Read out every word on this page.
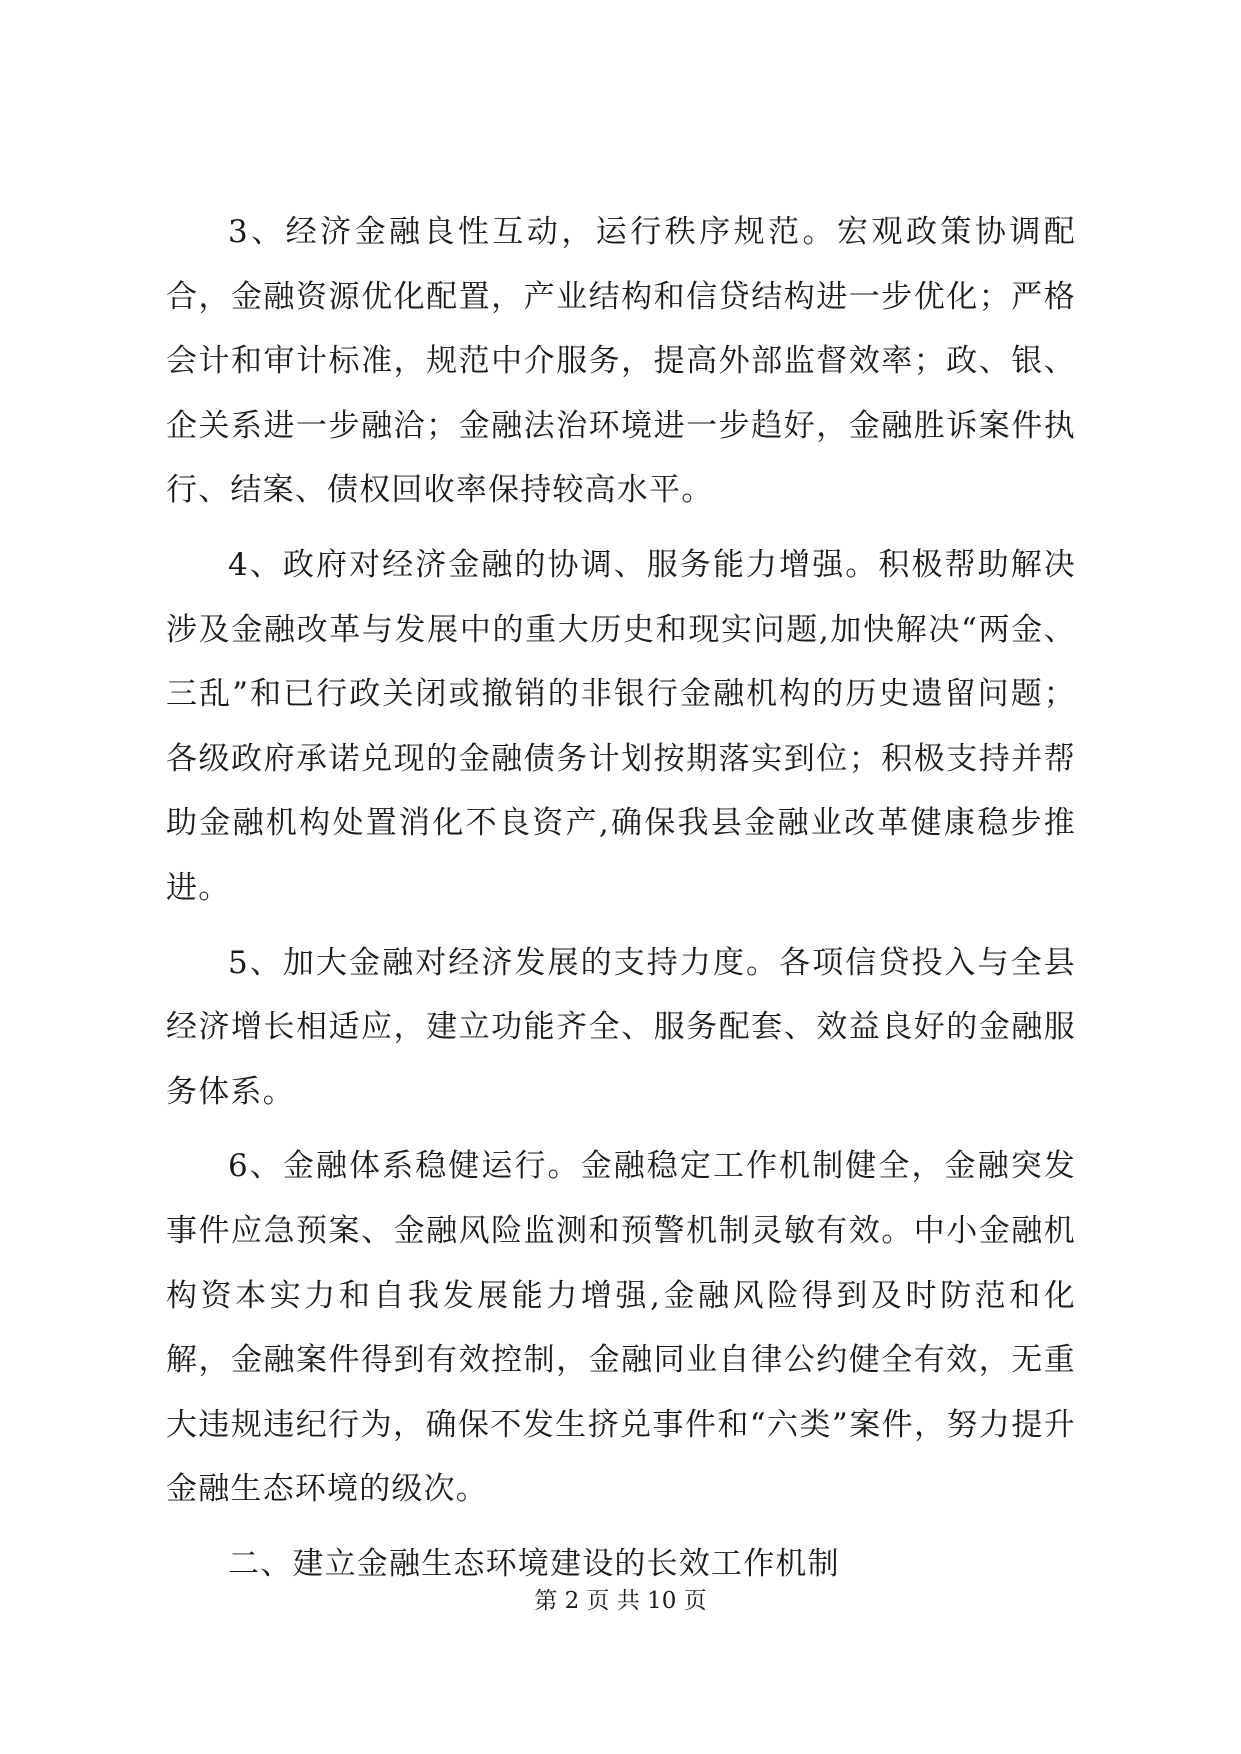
3、经济金融良性互动，运行秩序规范。宏观政策协调配合，金融资源优化配置，产业结构和信贷结构进一步优化；严格会计和审计标准，规范中介服务，提高外部监督效率；政、银、企关系进一步融洽；金融法治环境进一步趋好，金融胜诉案件执行、结案、债权回收率保持较高水平。

4、政府对经济金融的协调、服务能力增强。积极帮助解决涉及金融改革与发展中的重大历史和现实问题,加快解决“两金、三乱”和已行政关闭或撤销的非银行金融机构的历史遗留问题；各级政府承诺兑现的金融债务计划按期落实到位；积极支持并帮助金融机构处置消化不良资产,确保我县金融业改革健康稳步推进。

5、加大金融对经济发展的支持力度。各项信贷投入与全县经济增长相适应，建立功能齐全、服务配套、效益良好的金融服务体系。

6、金融体系稳健运行。金融稳定工作机制健全，金融突发事件应急预案、金融风险监测和预警机制灵敏有效。中小金融机构资本实力和自我发展能力增强,金融风险得到及时防范和化解，金融案件得到有效控制，金融同业自律公约健全有效，无重大违规违纪行为，确保不发生挤兑事件和“六类”案件，努力提升金融生态环境的级次。

二、建立金融生态环境建设的长效工作机制

第 2 页 共 10 页
